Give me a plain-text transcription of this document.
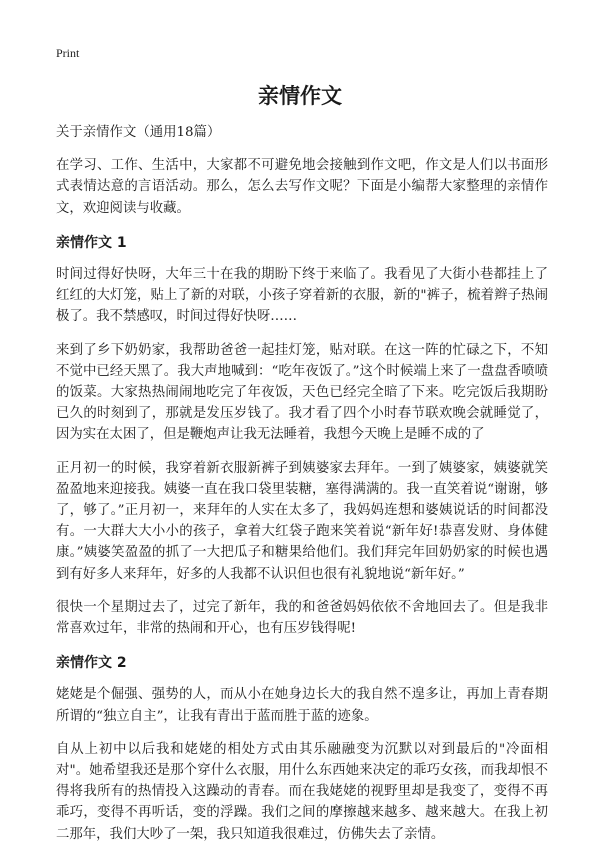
Print
亲情作文

关于亲情作文（通用18篇）

在学习、工作、生活中，大家都不可避免地会接触到作文吧，作文是人们以书面形式表情达意的言语活动。那么，怎么去写作文呢？下面是小编帮大家整理的亲情作文，欢迎阅读与收藏。

亲情作文 1

时间过得好快呀，大年三十在我的期盼下终于来临了。我看见了大街小巷都挂上了红红的大灯笼，贴上了新的对联，小孩子穿着新的衣服，新的"裤子，梳着辫子热闹极了。我不禁感叹，时间过得好快呀……

来到了乡下奶奶家，我帮助爸爸一起挂灯笼，贴对联。在这一阵的忙碌之下，不知不觉中已经天黑了。我大声地喊到：“吃年夜饭了。”这个时候端上来了一盘盘香喷喷的饭菜。大家热热闹闹地吃完了年夜饭，天色已经完全暗了下来。吃完饭后我期盼已久的时刻到了，那就是发压岁钱了。我才看了四个小时春节联欢晚会就睡觉了，因为实在太困了，但是鞭炮声让我无法睡着，我想今天晚上是睡不成的了

正月初一的时候，我穿着新衣服新裤子到姨婆家去拜年。一到了姨婆家，姨婆就笑盈盈地来迎接我。姨婆一直在我口袋里装糖，塞得满满的。我一直笑着说“谢谢，够了，够了。”正月初一，来拜年的人实在太多了，我妈妈连想和婆姨说话的时间都没有。一大群大大小小的孩子，拿着大红袋子跑来笑着说“新年好!恭喜发财、身体健康。”姨婆笑盈盈的抓了一大把瓜子和糖果给他们。我们拜完年回奶奶家的时候也遇到有好多人来拜年，好多的人我都不认识但也很有礼貌地说“新年好。”

很快一个星期过去了，过完了新年，我的和爸爸妈妈依依不舍地回去了。但是我非常喜欢过年，非常的热闹和开心，也有压岁钱得呢!

亲情作文 2

姥姥是个倔强、强势的人，而从小在她身边长大的我自然不遑多让，再加上青春期所谓的“独立自主”，让我有青出于蓝而胜于蓝的迹象。

自从上初中以后我和姥姥的相处方式由其乐融融变为沉默以对到最后的"冷面相对"。她希望我还是那个穿什么衣服，用什么东西她来决定的乖巧女孩，而我却恨不得将我所有的热情投入这躁动的青春。而在我姥姥的视野里却是我变了，变得不再乖巧，变得不再听话，变的浮躁。我们之间的摩擦越来越多、越来越大。在我上初二那年，我们大吵了一架，我只知道我很难过，仿佛失去了亲情。
